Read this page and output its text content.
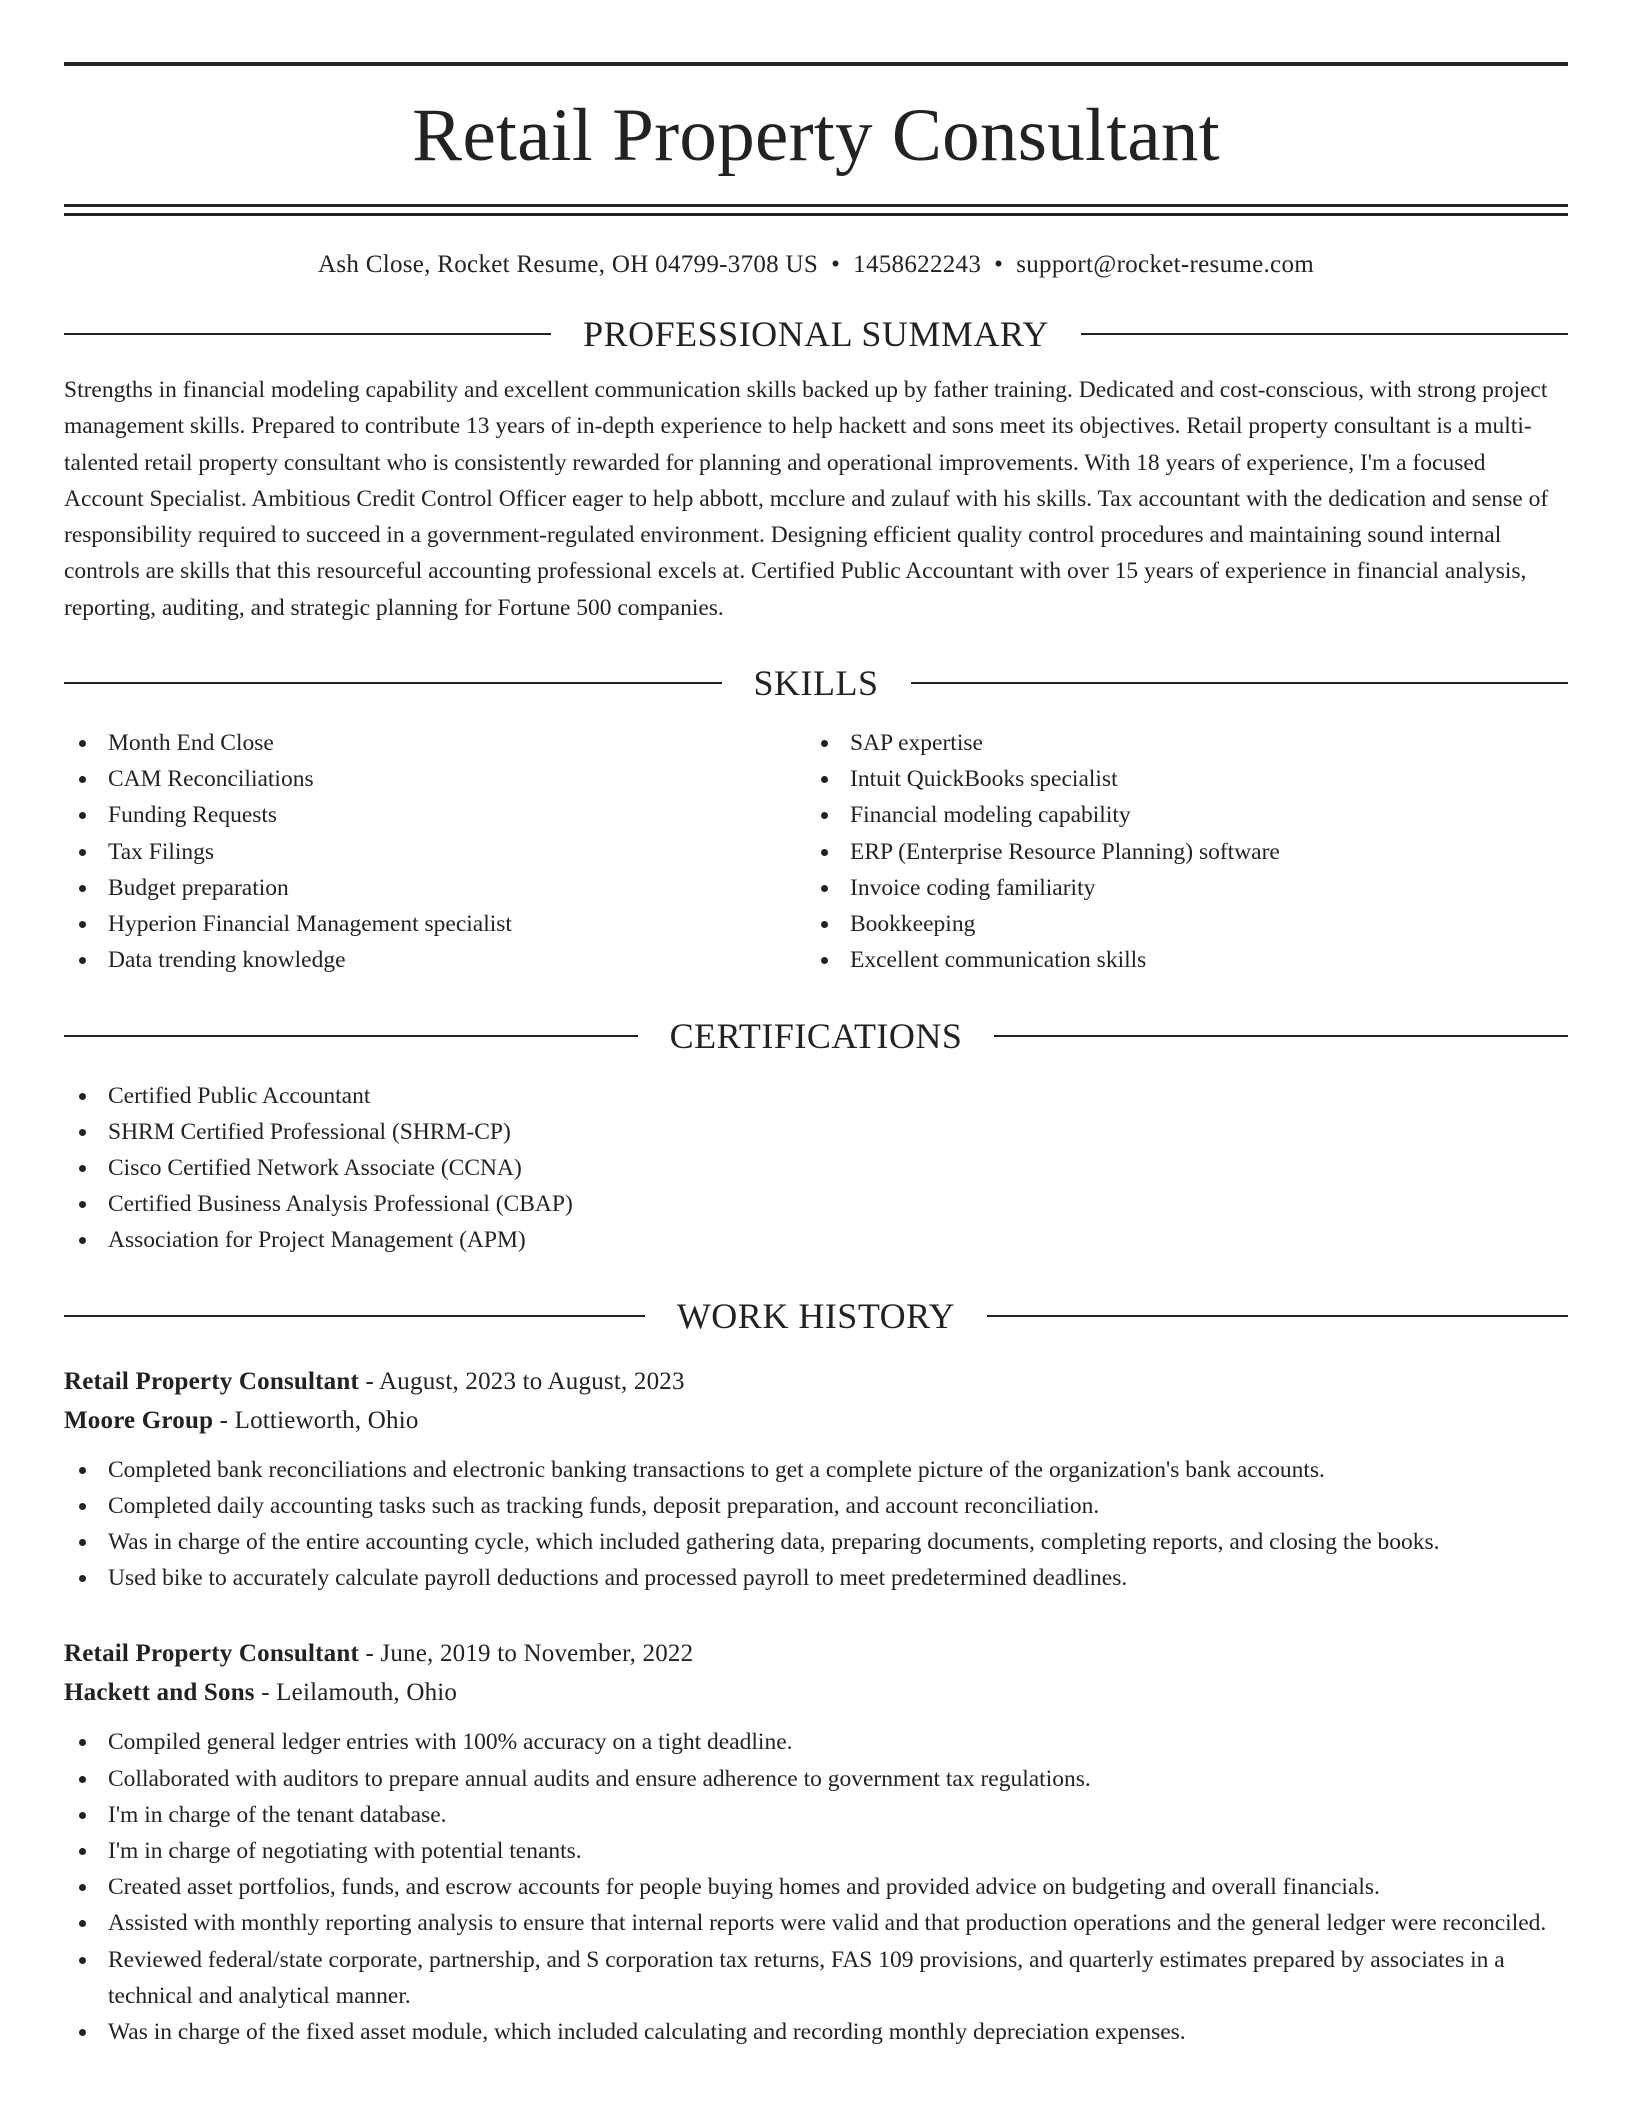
Retail Property Consultant
Ash Close, Rocket Resume, OH 04799-3708 US • 1458622243 • support@rocket-resume.com
PROFESSIONAL SUMMARY

Strengths in financial modeling capability and excellent communication skills backed up by father training. Dedicated and cost-conscious, with strong project management skills. Prepared to contribute 13 years of in-depth experience to help hackett and sons meet its objectives. Retail property consultant is a multi-talented retail property consultant who is consistently rewarded for planning and operational improvements. With 18 years of experience, I'm a focused Account Specialist. Ambitious Credit Control Officer eager to help abbott, mcclure and zulauf with his skills. Tax accountant with the dedication and sense of responsibility required to succeed in a government-regulated environment. Designing efficient quality control procedures and maintaining sound internal controls are skills that this resourceful accounting professional excels at. Certified Public Accountant with over 15 years of experience in financial analysis, reporting, auditing, and strategic planning for Fortune 500 companies.

SKILLS
Month End Close
CAM Reconciliations
Funding Requests
Tax Filings
Budget preparation
Hyperion Financial Management specialist
Data trending knowledge
SAP expertise
Intuit QuickBooks specialist
Financial modeling capability
ERP (Enterprise Resource Planning) software
Invoice coding familiarity
Bookkeeping
Excellent communication skills
CERTIFICATIONS
Certified Public Accountant
SHRM Certified Professional (SHRM-CP)
Cisco Certified Network Associate (CCNA)
Certified Business Analysis Professional (CBAP)
Association for Project Management (APM)
WORK HISTORY
Retail Property Consultant - August, 2023 to August, 2023
Moore Group - Lottieworth, Ohio
Completed bank reconciliations and electronic banking transactions to get a complete picture of the organization's bank accounts.
Completed daily accounting tasks such as tracking funds, deposit preparation, and account reconciliation.
Was in charge of the entire accounting cycle, which included gathering data, preparing documents, completing reports, and closing the books.
Used bike to accurately calculate payroll deductions and processed payroll to meet predetermined deadlines.
Retail Property Consultant - June, 2019 to November, 2022
Hackett and Sons - Leilamouth, Ohio
Compiled general ledger entries with 100% accuracy on a tight deadline.
Collaborated with auditors to prepare annual audits and ensure adherence to government tax regulations.
I'm in charge of the tenant database.
I'm in charge of negotiating with potential tenants.
Created asset portfolios, funds, and escrow accounts for people buying homes and provided advice on budgeting and overall financials.
Assisted with monthly reporting analysis to ensure that internal reports were valid and that production operations and the general ledger were reconciled.
Reviewed federal/state corporate, partnership, and S corporation tax returns, FAS 109 provisions, and quarterly estimates prepared by associates in a technical and analytical manner.
Was in charge of the fixed asset module, which included calculating and recording monthly depreciation expenses.
